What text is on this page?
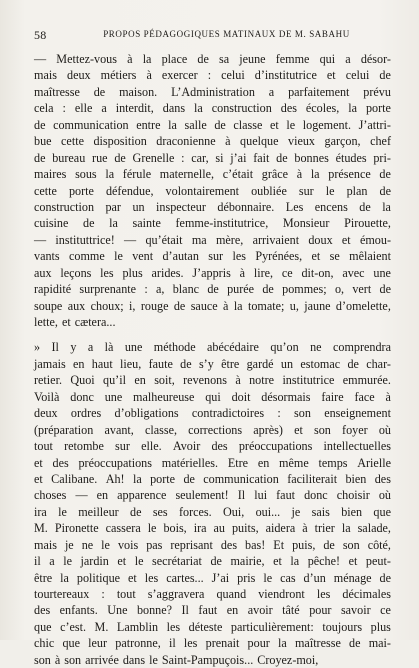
58	PROPOS PÉDAGOGIQUES MATINAUX DE M. SABAHU
— Mettez-vous à la place de sa jeune femme qui a désor-
mais deux métiers à exercer : celui d’institutrice et celui de
maîtresse de maison. L’Administration a parfaitement prévu
cela : elle a interdit, dans la construction des écoles, la porte
de communication entre la salle de classe et le logement. J’attri-
bue cette disposition draconienne à quelque vieux garçon, chef
de bureau rue de Grenelle : car, si j’ai fait de bonnes études pri-
maires sous la férule maternelle, c’était grâce à la présence de
cette porte défendue, volontairement oubliée sur le plan de
construction par un inspecteur débonnaire. Les encens de la
cuisine de la sainte femme-institutrice, Monsieur Pirouette,
— instituttrice! — qu’était ma mère, arrivaient doux et émou-
vants comme le vent d’autan sur les Pyrénées, et se mêlaient
aux leçons les plus arides. J’appris à lire, ce dit-on, avec une
rapidité surprenante : a, blanc de purée de pommes; o, vert de
soupe aux choux; i, rouge de sauce à la tomate; u, jaune d’omelette,
lette, et cætera...
» Il y a là une méthode abécédaire qu’on ne comprendra
jamais en haut lieu, faute de s’y être gardé un estomac de char-
retier. Quoi qu’il en soit, revenons à notre institutrice emmurée.
Voilà donc une malheureuse qui doit désormais faire face à
deux ordres d’obligations contradictoires : son enseignement
(préparation avant, classe, corrections après) et son foyer où
tout retombe sur elle. Avoir des préoccupations intellectuelles
et des préoccupations matérielles. Etre en même temps Arielle
et Calibane. Ah! la porte de communication faciliterait bien des
choses — en apparence seulement! Il lui faut donc choisir où
ira le meilleur de ses forces. Oui, oui... je sais bien que
M. Pironette cassera le bois, ira au puits, aidera à trier la salade,
mais je ne le vois pas reprisant des bas! Et puis, de son côté,
il a le jardin et le secrétariat de mairie, et la pêche! et peut-
être la politique et les cartes... J’ai pris le cas d’un ménage de
tourtereaux : tout s’aggravera quand viendront les décimales
des enfants. Une bonne? Il faut en avoir tâté pour savoir ce
que c’est. M. Lamblin les déteste particulièrement: toujours plus
chic que leur patronne, il les prenait pour la maîtresse de mai-
son à son arrivée dans le Saint-Pampuçois... Croyez-moi,
